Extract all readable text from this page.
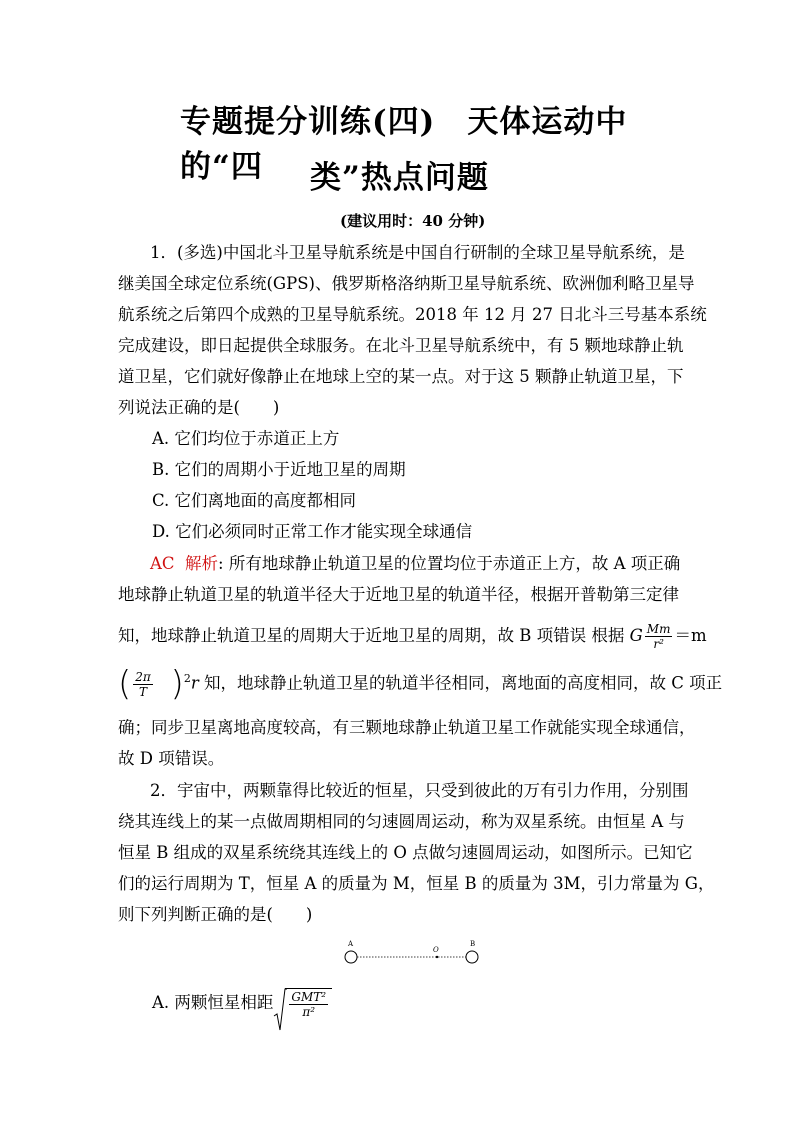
专题提分训练(四)　天体运动中的“四	类”热点问题
(建议用时：40 分钟)
1．(多选)中国北斗卫星导航系统是中国自行研制的全球卫星导航系统，是
继美国全球定位系统(GPS)、俄罗斯格洛纳斯卫星导航系统、欧洲伽利略卫星导
航系统之后第四个成熟的卫星导航系统。2018 年 12 月 27 日北斗三号基本系统
完成建设，即日起提供全球服务。在北斗卫星导航系统中，有 5 颗地球静止轨
道卫星，它们就好像静止在地球上空的某一点。对于这 5 颗静止轨道卫星，下
列说法正确的是(　　)
A. 它们均位于赤道正上方
B. 它们的周期小于近地卫星的周期
C. 它们离地面的高度都相同
D. 它们必须同时正常工作才能实现全球通信
AC 解析: 所有地球静止轨道卫星的位置均位于赤道正上方，故 A 项正确
地球静止轨道卫星的轨道半径大于近地卫星的轨道半径，根据开普勒第三定律
知，地球静止轨道卫星的周期大于近地卫星的周期，故 B 项错误 根据 G $\frac{Mm}{\text{r²}} =m$
( $\frac{2\pi}{T} )^2r$ 知，地球静止轨道卫星的轨道半径相同，离地面的高度相同，故 C 项正
确；同步卫星离地高度较高，有三颗地球静止轨道卫星工作就能实现全球通信，
故 D 项错误。
2．宇宙中，两颗靠得比较近的恒星，只受到彼此的万有引力作用，分别围
绕其连线上的某一点做周期相同的匀速圆周运动，称为双星系统。由恒星 A 与
恒星 B 组成的双星系统绕其连线上的 O 点做匀速圆周运动，如图所示。已知它
们的运行周期为 T，恒星 A 的质量为 M，恒星 B 的质量为 3M，引力常量为 G，
则下列判断正确的是(　　)
A
O
B
A. 两颗恒星相距 $\frac{\text{GMT²}}{\text{π²}}$
